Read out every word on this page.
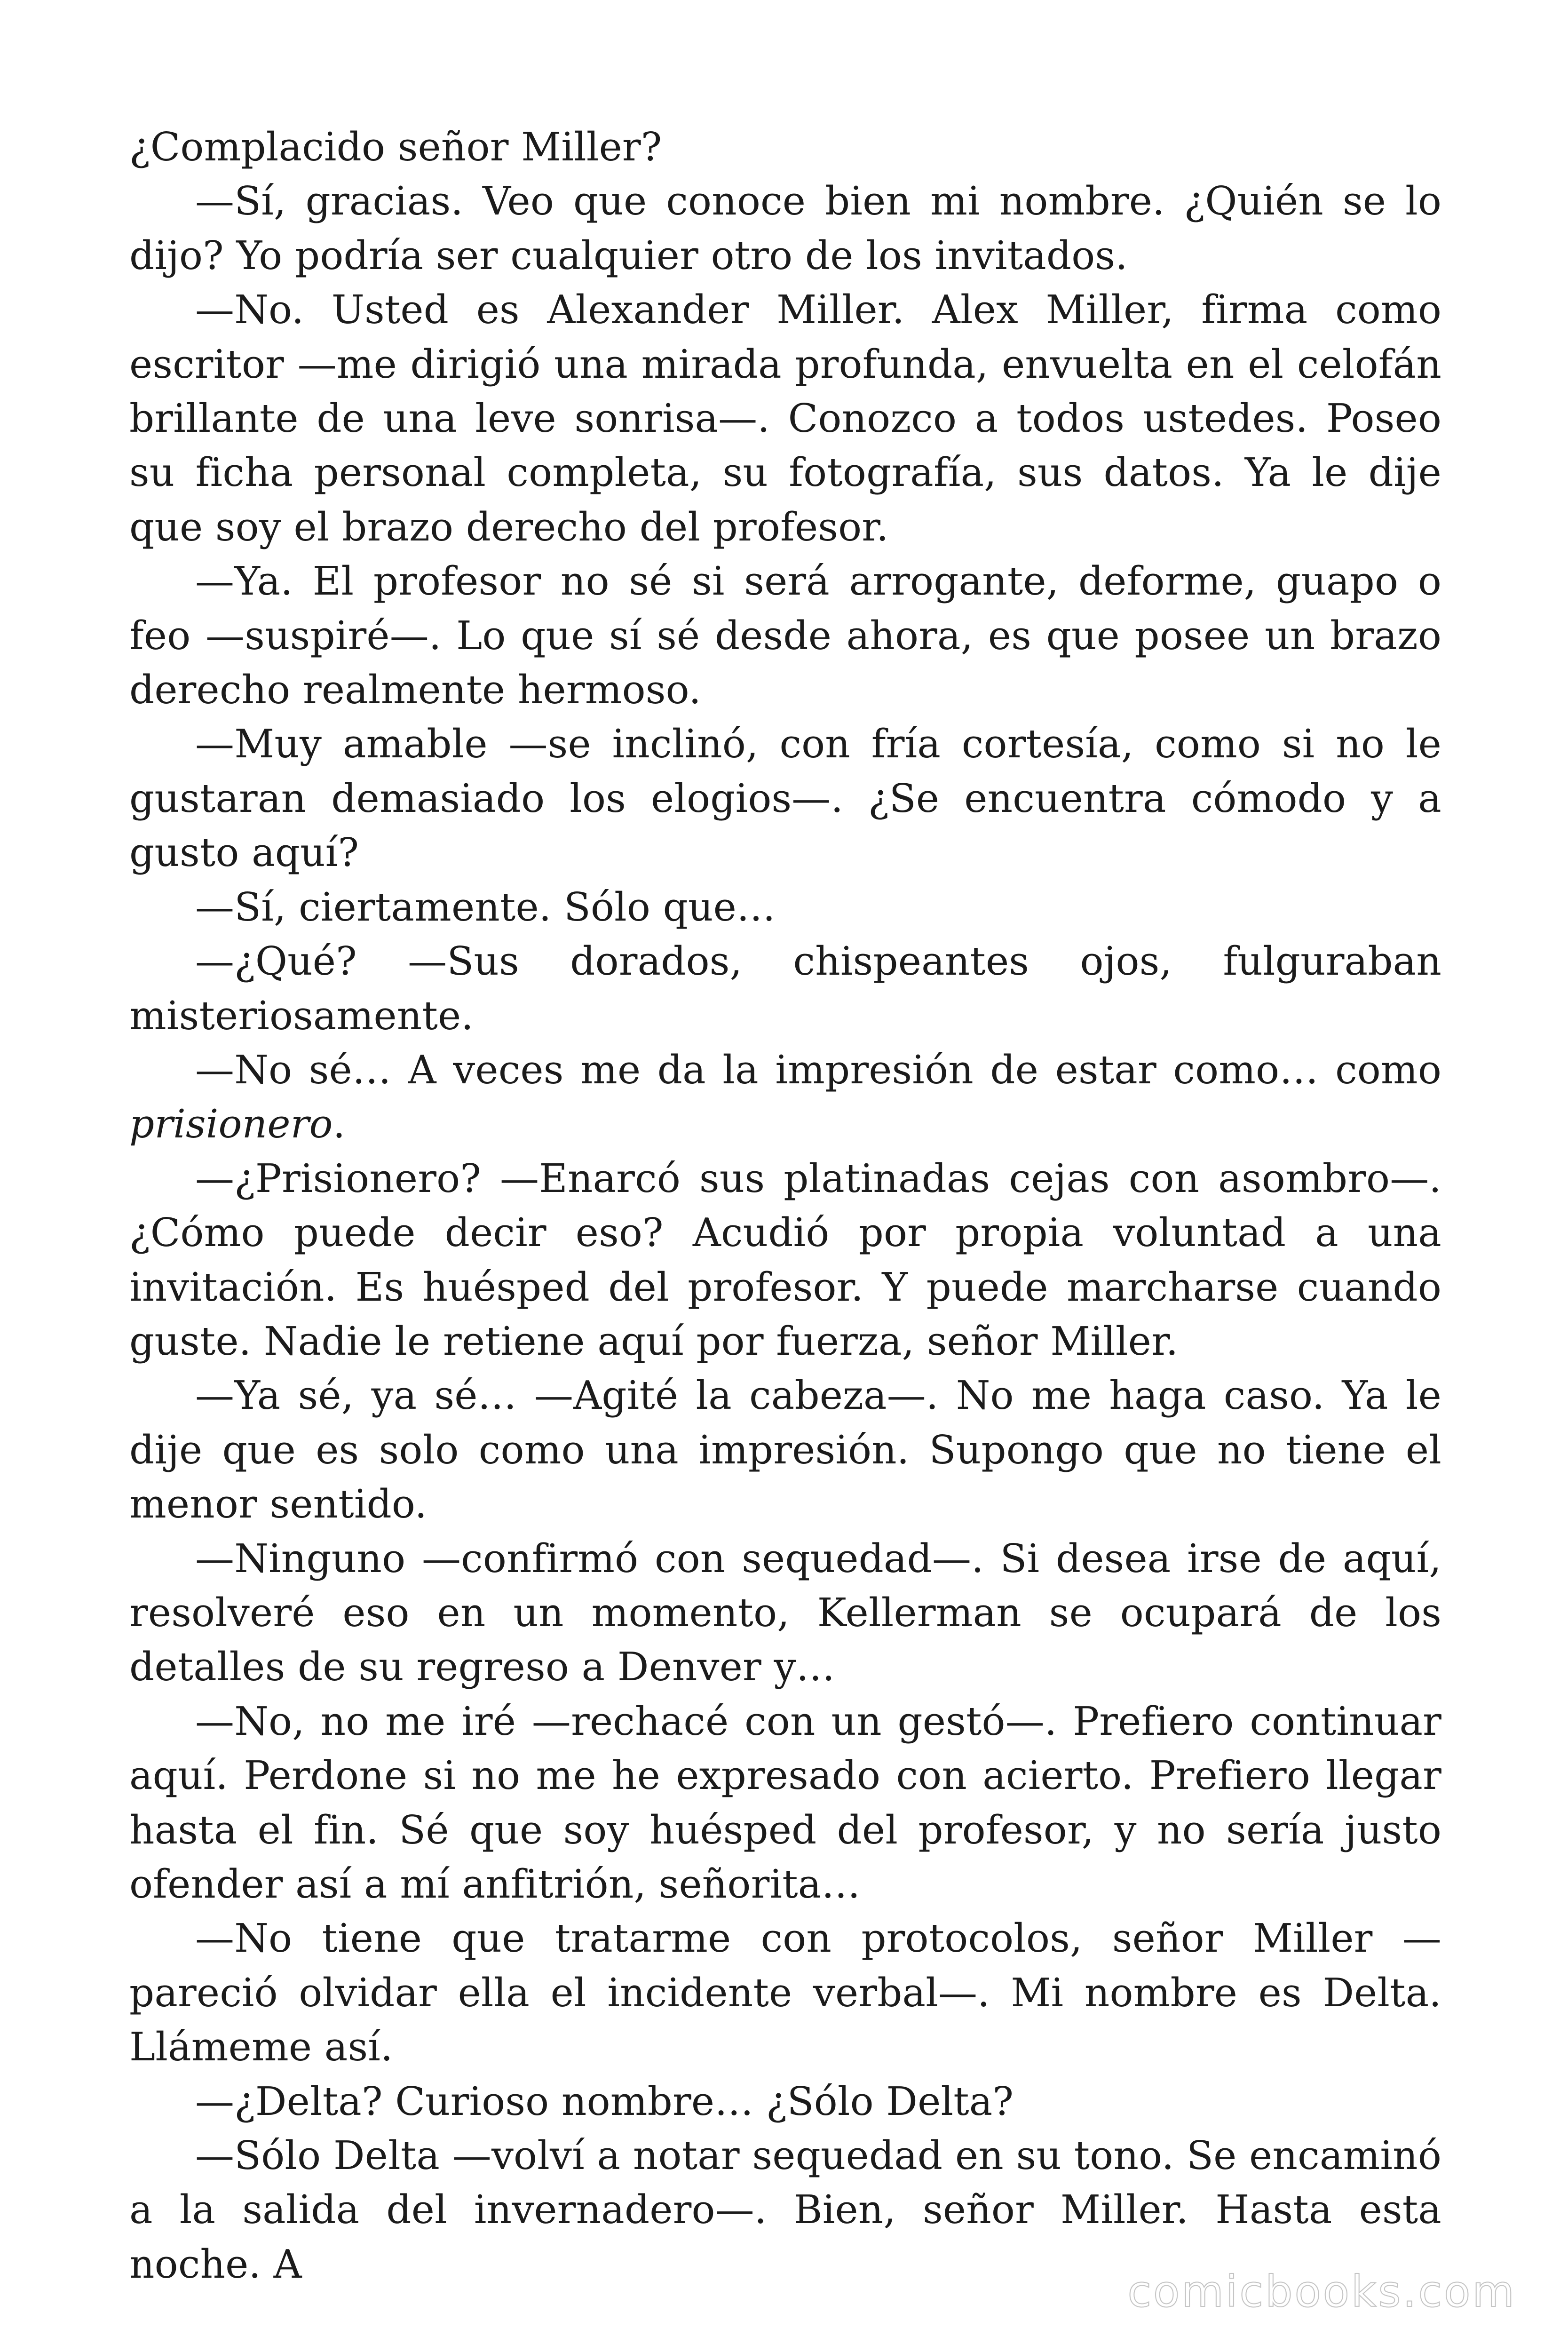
¿Complacido señor Miller?

—Sí, gracias. Veo que conoce bien mi nombre. ¿Quién se lo dijo? Yo podría ser cualquier otro de los invitados.

—No. Usted es Alexander Miller. Alex Miller, firma como escritor —me dirigió una mirada profunda, envuelta en el celofán brillante de una leve sonrisa—. Conozco a todos ustedes. Poseo su ficha personal completa, su fotografía, sus datos. Ya le dije que soy el brazo derecho del profesor.

—Ya. El profesor no sé si será arrogante, deforme, guapo o feo —suspiré—. Lo que sí sé desde ahora, es que posee un brazo derecho realmente hermoso.

—Muy amable —se inclinó, con fría cortesía, como si no le gustaran demasiado los elogios—. ¿Se encuentra cómodo y a gusto aquí?

—Sí, ciertamente. Sólo que…

—¿Qué? —Sus dorados, chispeantes ojos, fulguraban misteriosamente.

—No sé… A veces me da la impresión de estar como… como prisionero.

—¿Prisionero? —Enarcó sus platinadas cejas con asombro—. ¿Cómo puede decir eso? Acudió por propia voluntad a una invitación. Es huésped del profesor. Y puede marcharse cuando guste. Nadie le retiene aquí por fuerza, señor Miller.

—Ya sé, ya sé… —Agité la cabeza—. No me haga caso. Ya le dije que es solo como una impresión. Supongo que no tiene el menor sentido.

—Ninguno —confirmó con sequedad—. Si desea irse de aquí, resolveré eso en un momento, Kellerman se ocupará de los detalles de su regreso a Denver y…

—No, no me iré —rechacé con un gestó—. Prefiero continuar aquí. Perdone si no me he expresado con acierto. Prefiero llegar hasta el fin. Sé que soy huésped del profesor, y no sería justo ofender así a mí anfitrión, señorita…

—No tiene que tratarme con protocolos, señor Miller —pareció olvidar ella el incidente verbal—. Mi nombre es Delta. Llámeme así.

—¿Delta? Curioso nombre… ¿Sólo Delta?

—Sólo Delta —volví a notar sequedad en su tono. Se encaminó a la salida del invernadero—. Bien, señor Miller. Hasta esta noche. A

comicbooks.com
